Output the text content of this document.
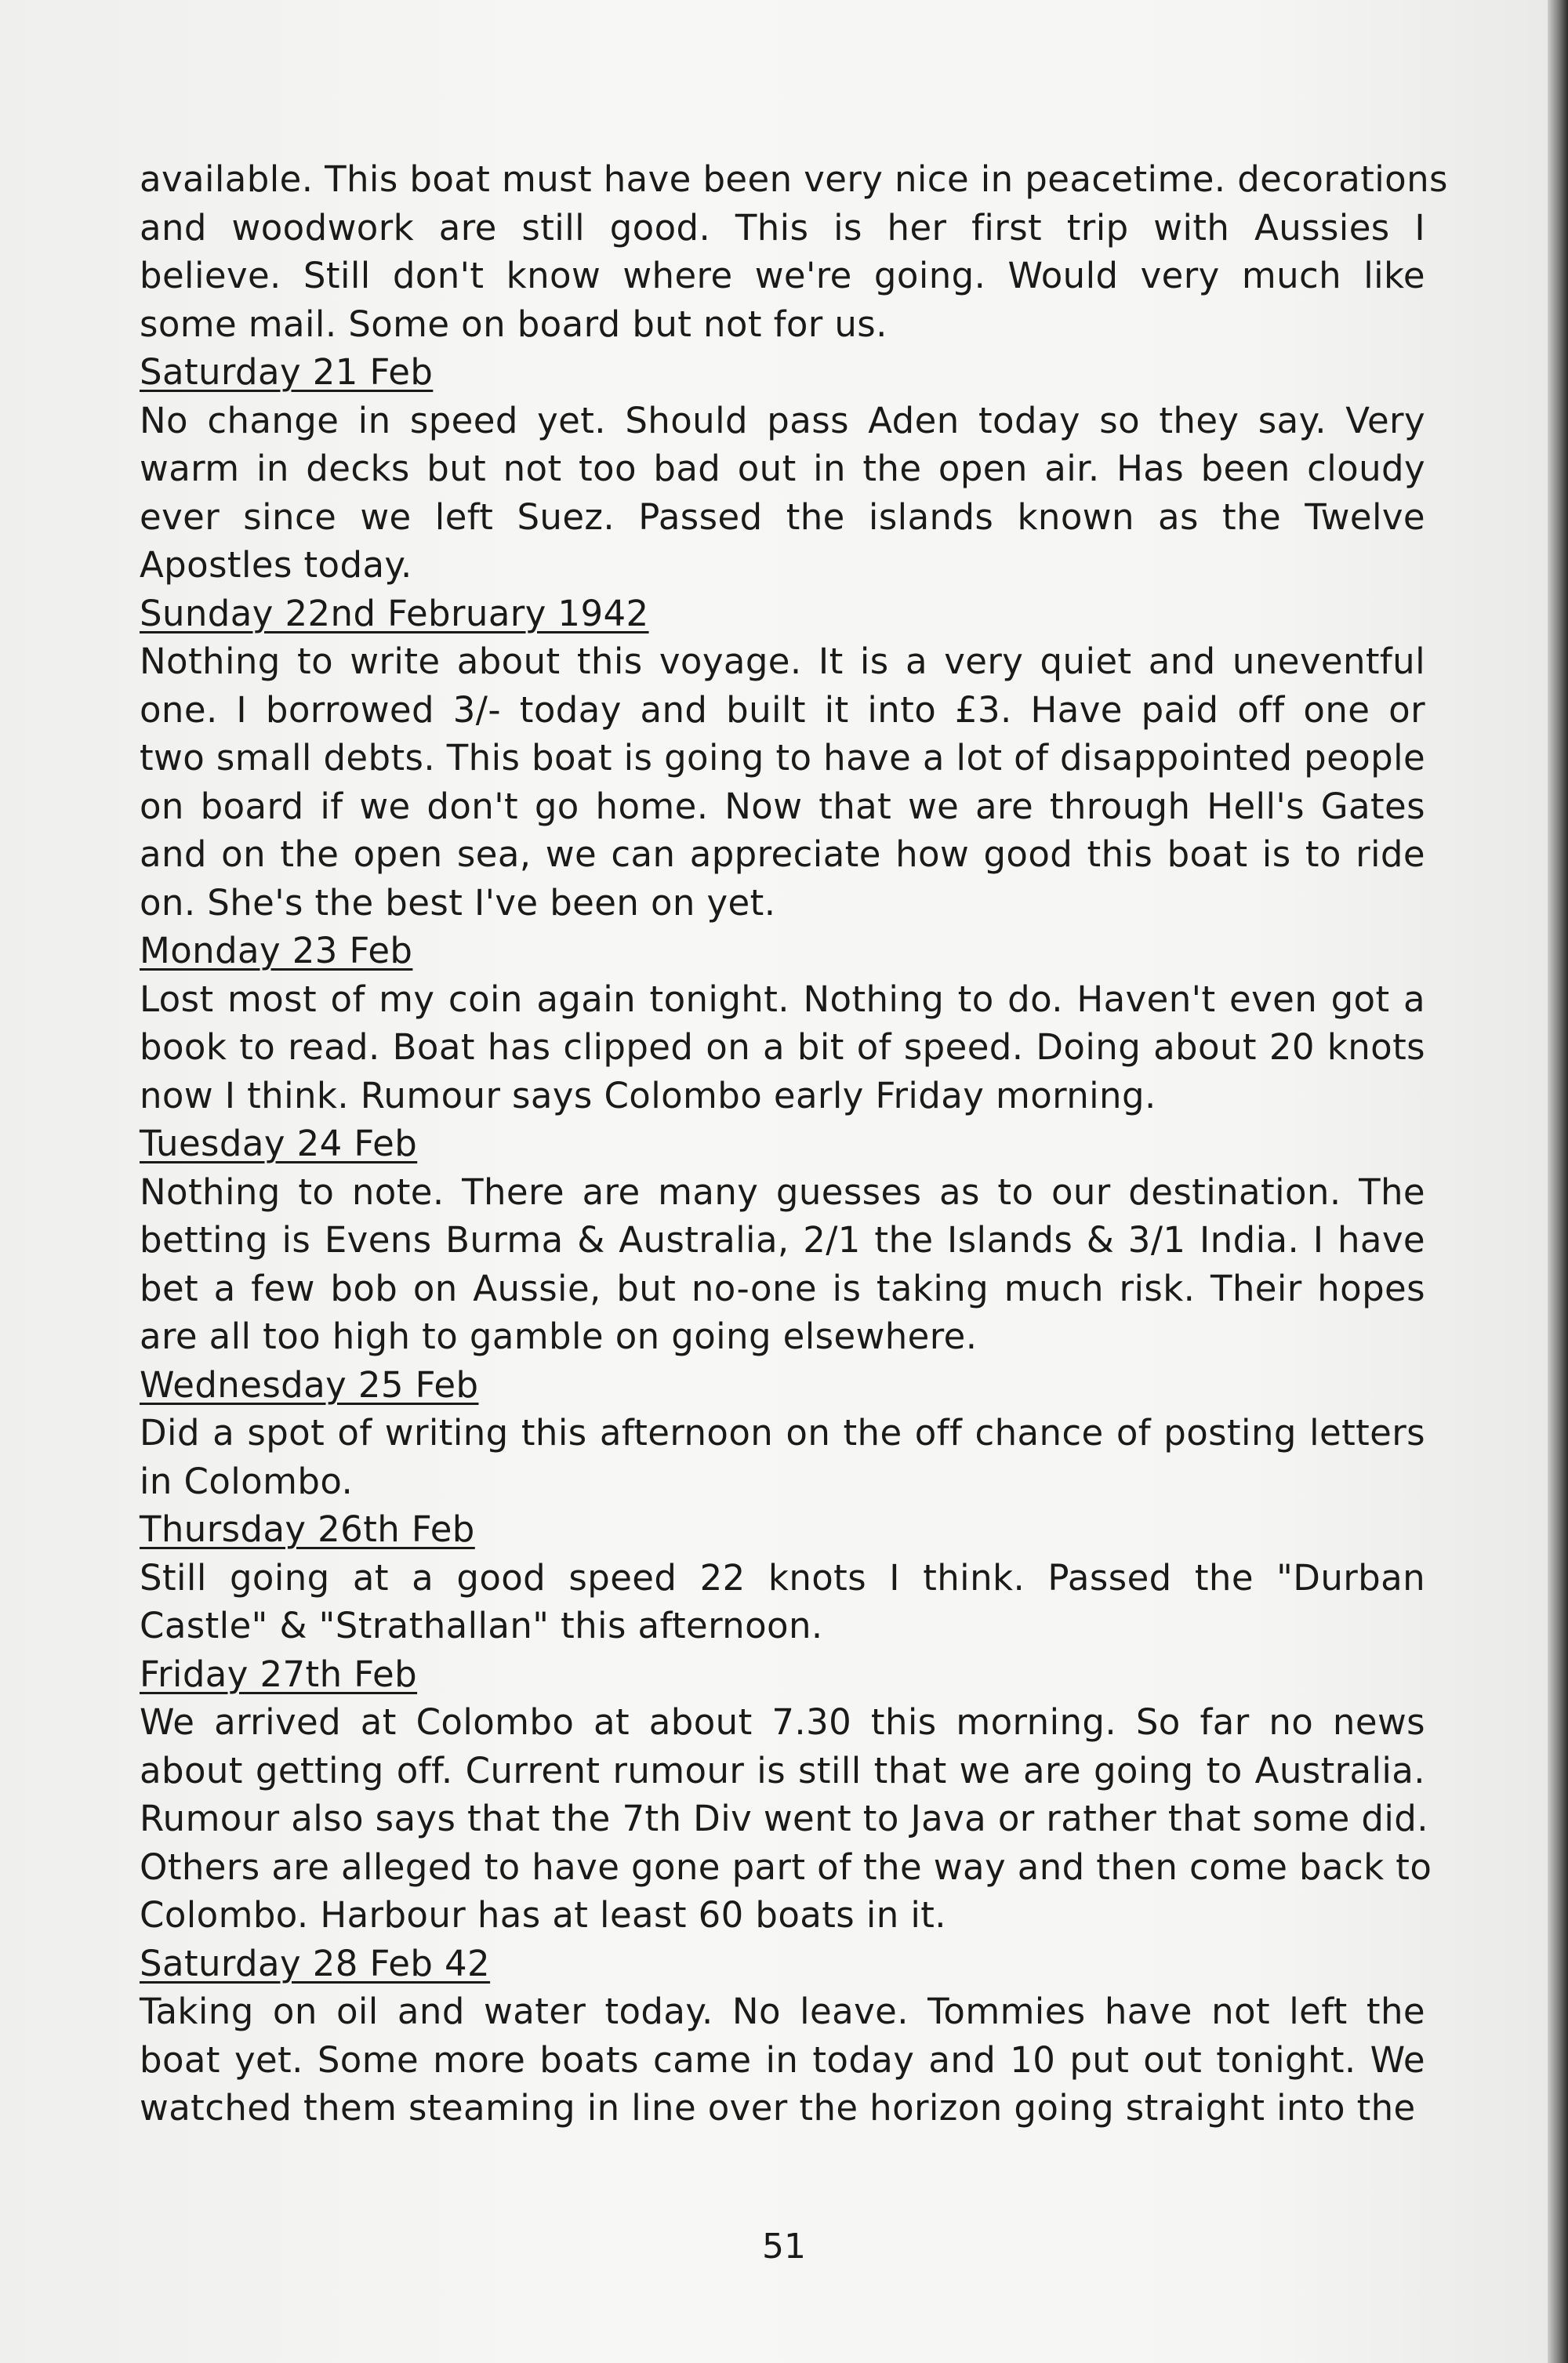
available. This boat must have been very nice in peacetime. decorations
and woodwork are still good. This is her first trip with Aussies I
believe. Still don't know where we're going. Would very much like
some mail. Some on board but not for us.
Saturday 21 Feb
No change in speed yet. Should pass Aden today so they say. Very
warm in decks but not too bad out in the open air. Has been cloudy
ever since we left Suez. Passed the islands known as the Twelve
Apostles today.
Sunday 22nd February 1942
Nothing to write about this voyage. It is a very quiet and uneventful
one. I borrowed 3/- today and built it into £3. Have paid off one or
two small debts. This boat is going to have a lot of disappointed people
on board if we don't go home. Now that we are through Hell's Gates
and on the open sea, we can appreciate how good this boat is to ride
on. She's the best I've been on yet.
Monday 23 Feb
Lost most of my coin again tonight. Nothing to do. Haven't even got a
book to read. Boat has clipped on a bit of speed. Doing about 20 knots
now I think. Rumour says Colombo early Friday morning.
Tuesday 24 Feb
Nothing to note. There are many guesses as to our destination. The
betting is Evens Burma & Australia, 2/1 the Islands & 3/1 India. I have
bet a few bob on Aussie, but no-one is taking much risk. Their hopes
are all too high to gamble on going elsewhere.
Wednesday 25 Feb
Did a spot of writing this afternoon on the off chance of posting letters
in Colombo.
Thursday 26th Feb
Still going at a good speed 22 knots I think. Passed the "Durban
Castle" & "Strathallan" this afternoon.
Friday 27th Feb
We arrived at Colombo at about 7.30 this morning. So far no news
about getting off. Current rumour is still that we are going to Australia.
Rumour also says that the 7th Div went to Java or rather that some did.
Others are alleged to have gone part of the way and then come back to
Colombo. Harbour has at least 60 boats in it.
Saturday 28 Feb 42
Taking on oil and water today. No leave. Tommies have not left the
boat yet. Some more boats came in today and 10 put out tonight. We
watched them steaming in line over the horizon going straight into the
51
